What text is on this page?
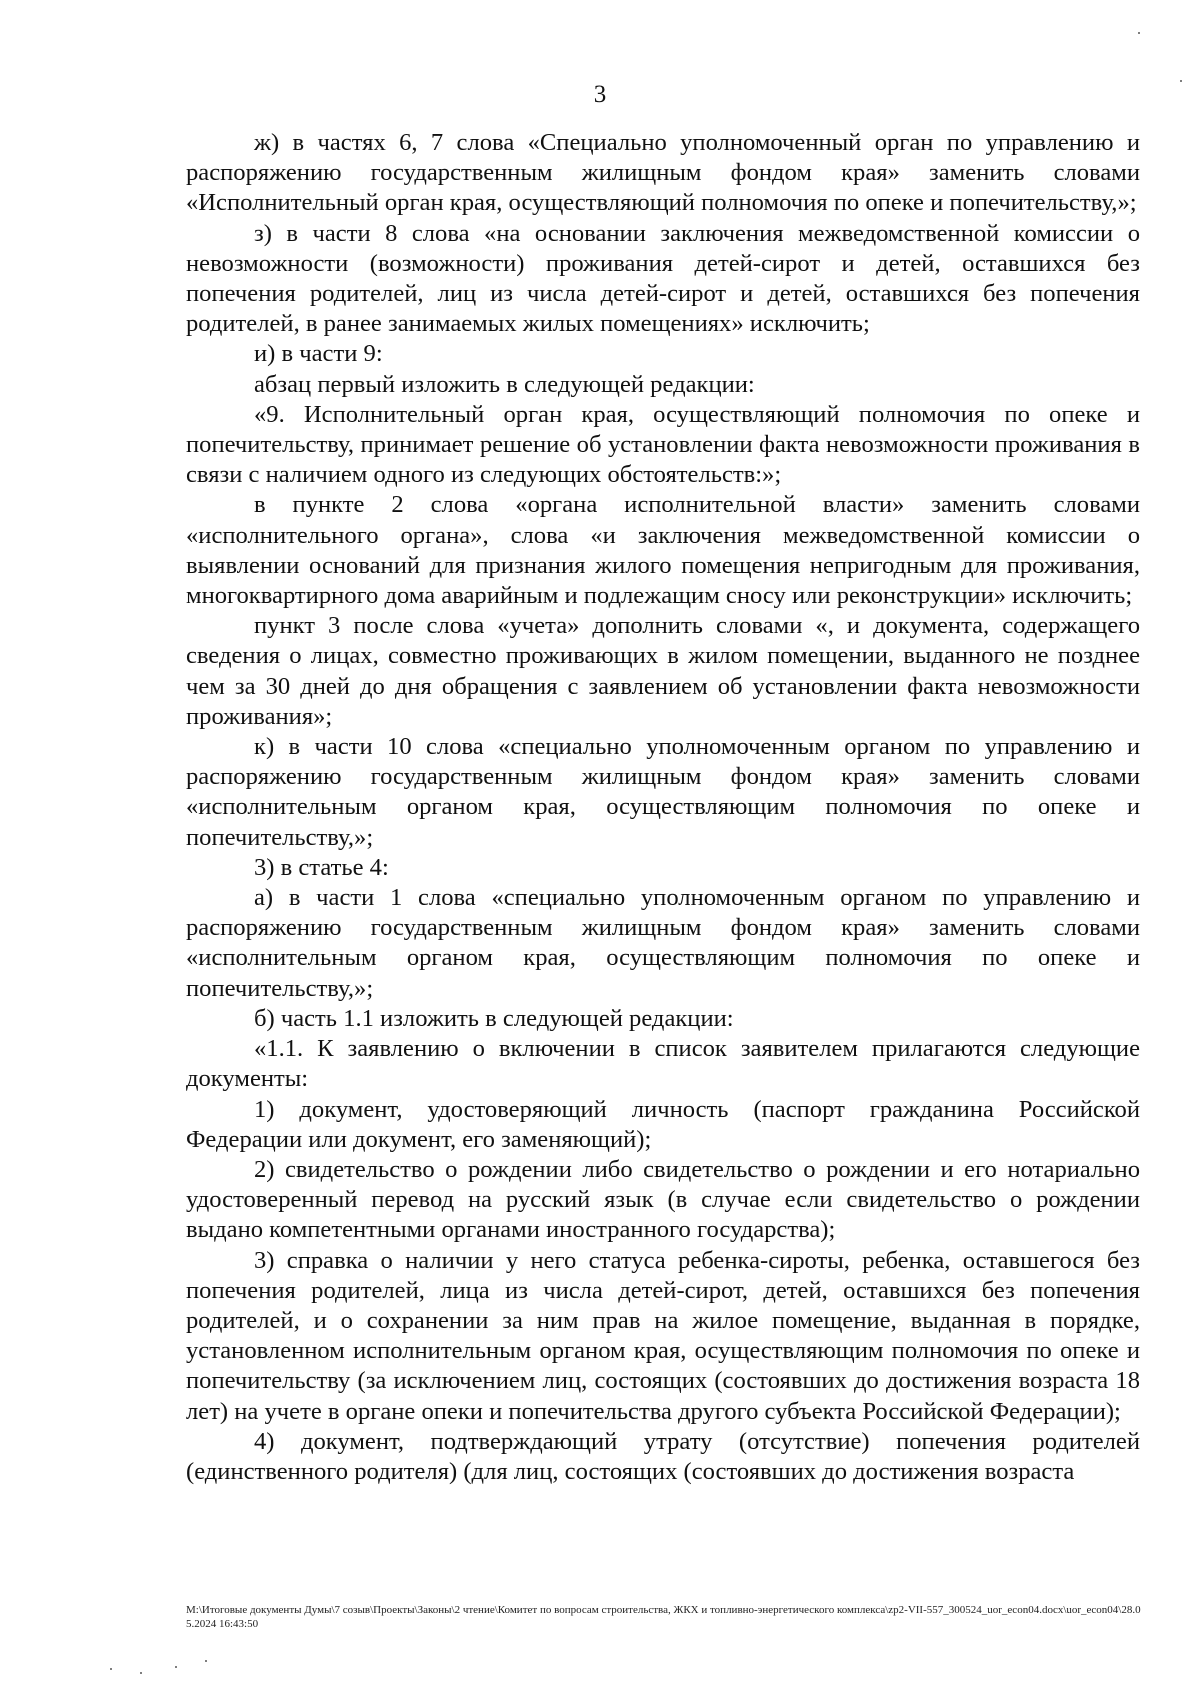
3

ж) в частях 6, 7 слова «Специально уполномоченный орган по управлению и распоряжению государственным жилищным фондом края» заменить словами «Исполнительный орган края, осуществляющий полномочия по опеке и попечительству,»;

з) в части 8 слова «на основании заключения межведомственной комиссии о невозможности (возможности) проживания детей-сирот и детей, оставшихся без попечения родителей, лиц из числа детей-сирот и детей, оставшихся без попечения родителей, в ранее занимаемых жилых помещениях» исключить;

и) в части 9:

абзац первый изложить в следующей редакции:

«9. Исполнительный орган края, осуществляющий полномочия по опеке и попечительству, принимает решение об установлении факта невозможности проживания в связи с наличием одного из следующих обстоятельств:»;

в пункте 2 слова «органа исполнительной власти» заменить словами «исполнительного органа», слова «и заключения межведомственной комиссии о выявлении оснований для признания жилого помещения непригодным для проживания, многоквартирного дома аварийным и подлежащим сносу или реконструкции» исключить;

пункт 3 после слова «учета» дополнить словами «, и документа, содержащего сведения о лицах, совместно проживающих в жилом помещении, выданного не позднее чем за 30 дней до дня обращения с заявлением об установлении факта невозможности проживания»;

к) в части 10 слова «специально уполномоченным органом по управлению и распоряжению государственным жилищным фондом края» заменить словами «исполнительным органом края, осуществляющим полномочия по опеке и попечительству,»;

3) в статье 4:

а) в части 1 слова «специально уполномоченным органом по управлению и распоряжению государственным жилищным фондом края» заменить словами «исполнительным органом края, осуществляющим полномочия по опеке и попечительству,»;

б) часть 1.1 изложить в следующей редакции:

«1.1. К заявлению о включении в список заявителем прилагаются следующие документы:

1) документ, удостоверяющий личность (паспорт гражданина Российской Федерации или документ, его заменяющий);

2) свидетельство о рождении либо свидетельство о рождении и его нотариально удостоверенный перевод на русский язык (в случае если свидетельство о рождении выдано компетентными органами иностранного государства);

3) справка о наличии у него статуса ребенка-сироты, ребенка, оставшегося без попечения родителей, лица из числа детей-сирот, детей, оставшихся без попечения родителей, и о сохранении за ним прав на жилое помещение, выданная в порядке, установленном исполнительным органом края, осуществляющим полномочия по опеке и попечительству (за исключением лиц, состоящих (состоявших до достижения возраста 18 лет) на учете в органе опеки и попечительства другого субъекта Российской Федерации);

4) документ, подтверждающий утрату (отсутствие) попечения родителей (единственного родителя) (для лиц, состоящих (состоявших до достижения возраста

M:\Итоговые документы Думы\7 созыв\Проекты\Законы\2 чтение\Комитет по вопросам строительства, ЖКХ и топливно-энергетического комплекса\zp2-VII-557_300524_uor_econ04.docx\uor_econ04\28.05.2024 16:43:50
